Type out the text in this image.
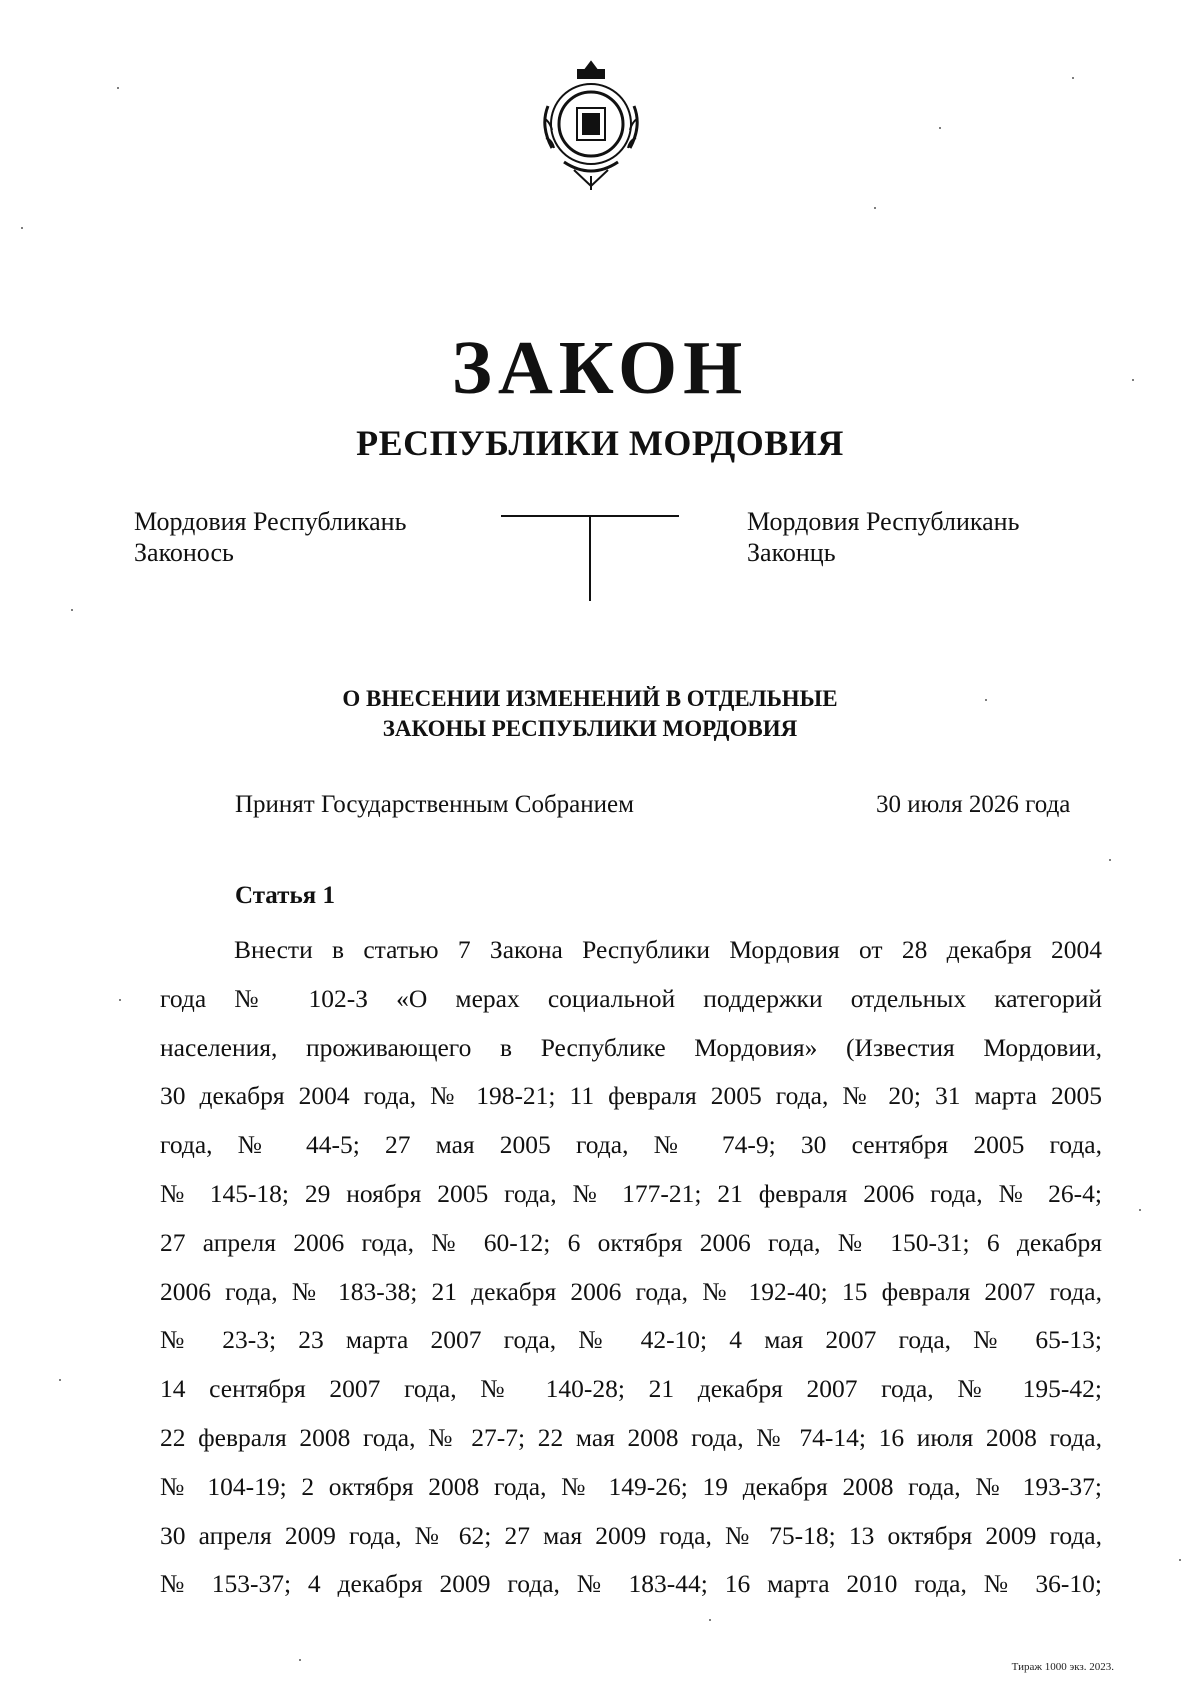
ЗАКОН
РЕСПУБЛИКИ МОРДОВИЯ
Мордовия Республикань
Законось
Мордовия Республикань
Законць
О ВНЕСЕНИИ ИЗМЕНЕНИЙ В ОТДЕЛЬНЫЕ
ЗАКОНЫ РЕСПУБЛИКИ МОРДОВИЯ
Принят Государственным Собранием	30 июля 2026 года
Статья 1
Внести в статью 7 Закона Республики Мордовия от 28 декабря 2004
года № 102-З «О мерах социальной поддержки отдельных категорий
населения, проживающего в Республике Мордовия» (Известия Мордовии,
30 декабря 2004 года, № 198-21; 11 февраля 2005 года, № 20; 31 марта 2005
года, № 44-5; 27 мая 2005 года, № 74-9; 30 сентября 2005 года,
№ 145-18; 29 ноября 2005 года, № 177-21; 21 февраля 2006 года, № 26-4;
27 апреля 2006 года, № 60-12; 6 октября 2006 года, № 150-31; 6 декабря
2006 года, № 183-38; 21 декабря 2006 года, № 192-40; 15 февраля 2007 года,
№ 23-3; 23 марта 2007 года, № 42-10; 4 мая 2007 года, № 65-13;
14 сентября 2007 года, № 140-28; 21 декабря 2007 года, № 195-42;
22 февраля 2008 года, № 27-7; 22 мая 2008 года, № 74-14; 16 июля 2008 года,
№ 104-19; 2 октября 2008 года, № 149-26; 19 декабря 2008 года, № 193-37;
30 апреля 2009 года, № 62; 27 мая 2009 года, № 75-18; 13 октября 2009 года,
№ 153-37; 4 декабря 2009 года, № 183-44; 16 марта 2010 года, № 36-10;
Тираж 1000 экз. 2023.
